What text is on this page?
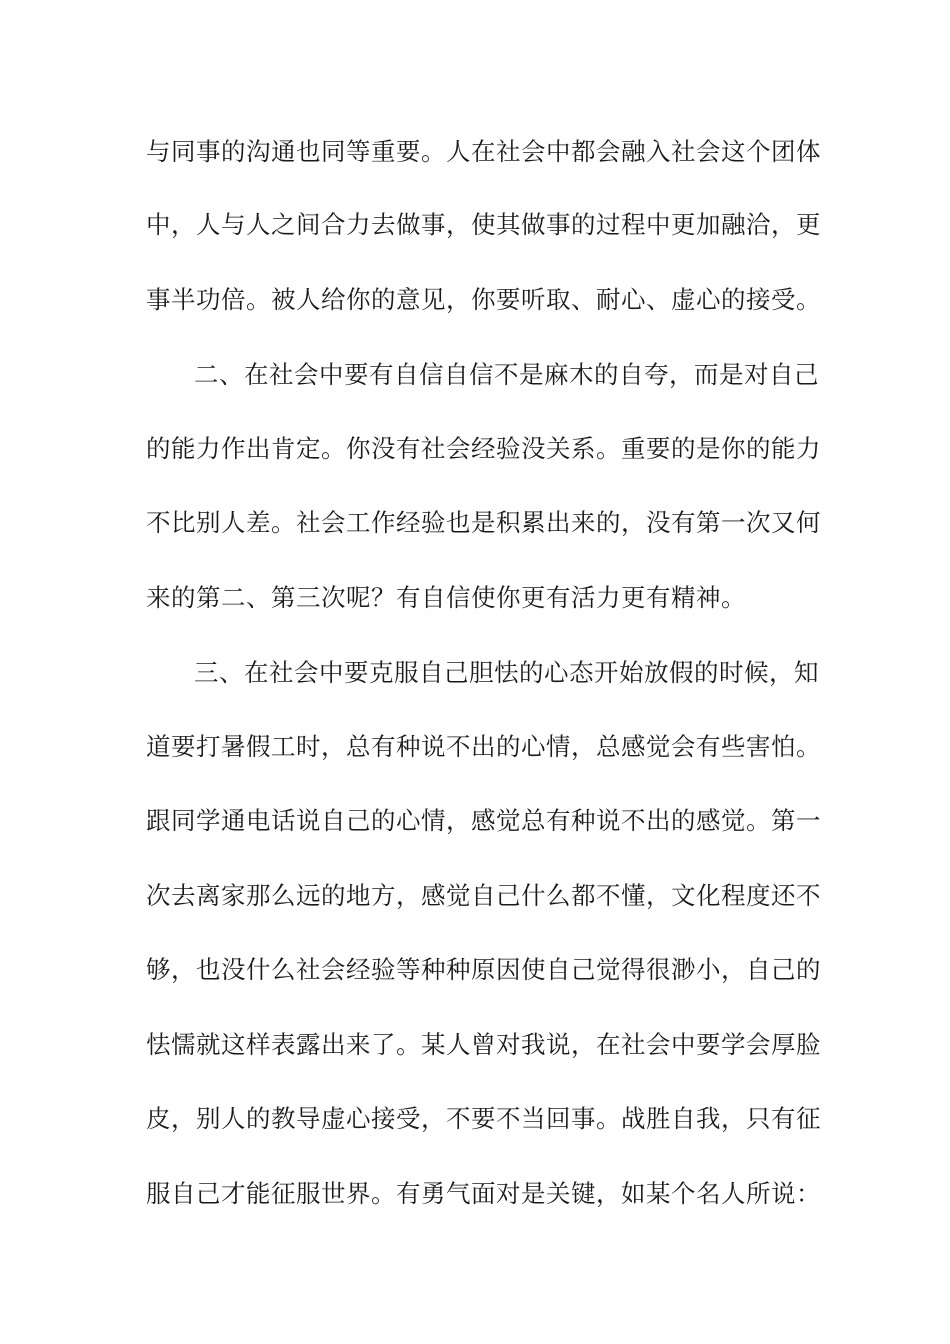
与同事的沟通也同等重要。人在社会中都会融入社会这个团体
中，人与人之间合力去做事，使其做事的过程中更加融洽，更
事半功倍。被人给你的意见，你要听取、耐心、虚心的接受。
二、在社会中要有自信自信不是麻木的自夸，而是对自己
的能力作出肯定。你没有社会经验没关系。重要的是你的能力
不比别人差。社会工作经验也是积累出来的，没有第一次又何
来的第二、第三次呢？有自信使你更有活力更有精神。
三、在社会中要克服自己胆怯的心态开始放假的时候，知
道要打暑假工时，总有种说不出的心情，总感觉会有些害怕。
跟同学通电话说自己的心情，感觉总有种说不出的感觉。第一
次去离家那么远的地方，感觉自己什么都不懂，文化程度还不
够，也没什么社会经验等种种原因使自己觉得很渺小，自己的
怯懦就这样表露出来了。某人曾对我说，在社会中要学会厚脸
皮，别人的教导虚心接受，不要不当回事。战胜自我，只有征
服自己才能征服世界。有勇气面对是关键，如某个名人所说：
